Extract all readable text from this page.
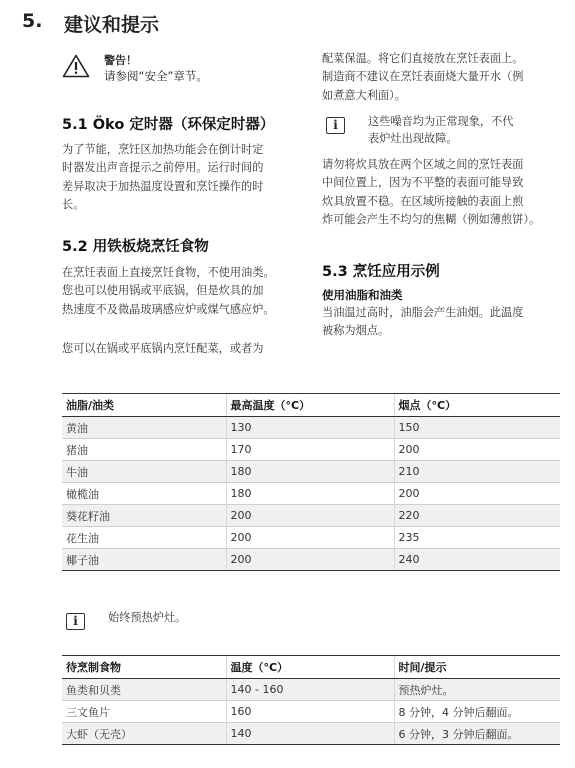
5. 建议和提示
警告！
请参阅“安全”章节。
5.1 Öko 定时器（环保定时器）
为了节能，烹饪区加热功能会在倒计时定
时器发出声音提示之前停用。运行时间的
差异取决于加热温度设置和烹饪操作的时
长。
5.2 用铁板烧烹饪食物
在烹饪表面上直接烹饪食物，不使用油类。
您也可以使用锅或平底锅，但是炊具的加
热速度不及微晶玻璃感应炉或煤气感应炉。
您可以在锅或平底锅内烹饪配菜，或者为
配菜保温。将它们直接放在烹饪表面上。
制造商不建议在烹饪表面烧大量开水（例
如煮意大利面）。
i	这些噪音均为正常现象，不代
表炉灶出现故障。
请勿将炊具放在两个区域之间的烹饪表面
中间位置上，因为不平整的表面可能导致
炊具放置不稳。在区域所接触的表面上煎
炸可能会产生不均匀的焦糊（例如薄煎饼）。
5.3 烹饪应用示例
使用油脂和油类
当油温过高时，油脂会产生油烟。此温度
被称为烟点。
油脂/油类	最高温度（°C）	烟点（°C）
黄油	130	150
猪油	170	200
牛油	180	210
橄榄油	180	200
葵花籽油	200	220
花生油	200	235
椰子油	200	240
i	始终预热炉灶。
待烹制食物	温度（°C）	时间/提示
鱼类和贝类	140 - 160	预热炉灶。
三文鱼片	160	8 分钟，4 分钟后翻面。
大虾（无壳）	140	6 分钟，3 分钟后翻面。
